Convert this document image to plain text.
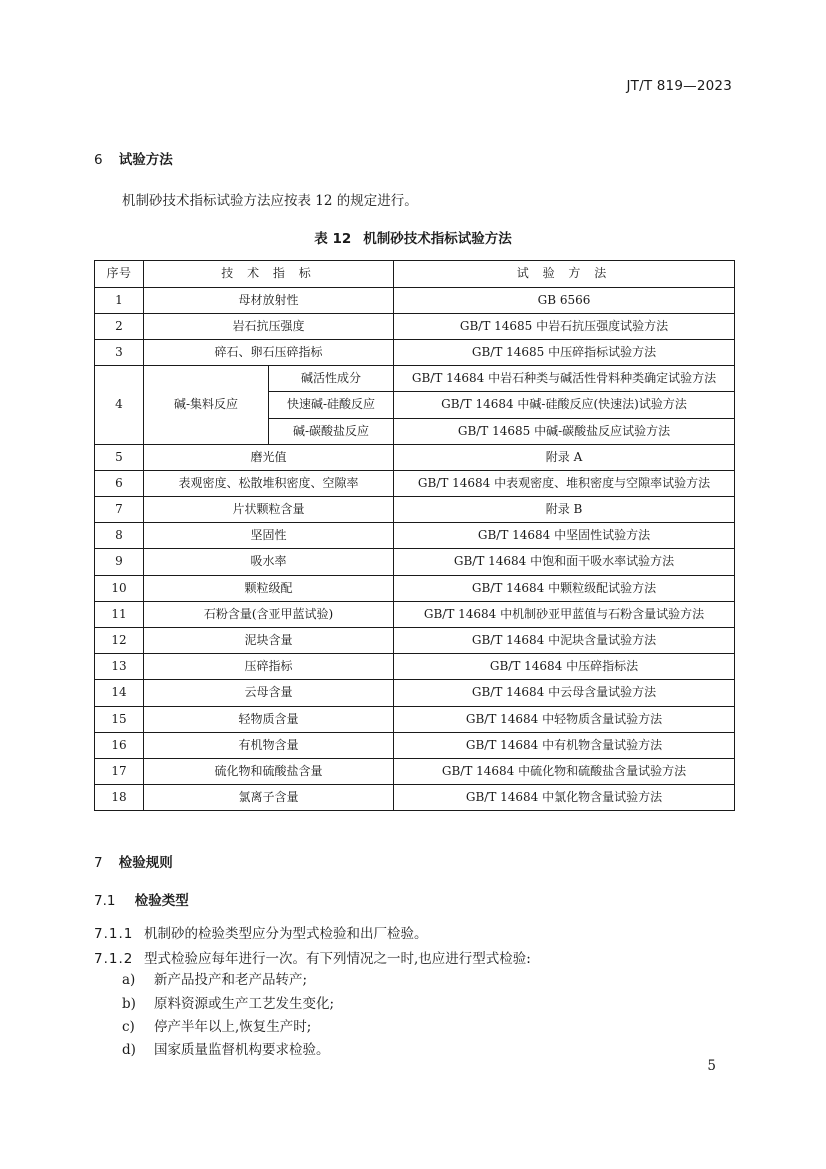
JT/T 819—2023
6 试验方法
机制砂技术指标试验方法应按表 12 的规定进行。
表 12 机制砂技术指标试验方法
序号	技 术 指 标		试 验 方 法
1	母材放射性		GB 6566
2	岩石抗压强度		GB/T 14685 中岩石抗压强度试验方法
3	碎石、卵石压碎指标		GB/T 14685 中压碎指标试验方法
4	碱-集料反应	碱活性成分	GB/T 14684 中岩石种类与碱活性骨料种类确定试验方法
		快速碱-硅酸反应	GB/T 14684 中碱-硅酸反应(快速法)试验方法
		碱-碳酸盐反应	GB/T 14685 中碱-碳酸盐反应试验方法
5	磨光值		附录 A
6	表观密度、松散堆积密度、空隙率		GB/T 14684 中表观密度、堆积密度与空隙率试验方法
7	片状颗粒含量		附录 B
8	坚固性		GB/T 14684 中坚固性试验方法
9	吸水率		GB/T 14684 中饱和面干吸水率试验方法
10	颗粒级配		GB/T 14684 中颗粒级配试验方法
11	石粉含量(含亚甲蓝试验)		GB/T 14684 中机制砂亚甲蓝值与石粉含量试验方法
12	泥块含量		GB/T 14684 中泥块含量试验方法
13	压碎指标		GB/T 14684 中压碎指标法
14	云母含量		GB/T 14684 中云母含量试验方法
15	轻物质含量		GB/T 14684 中轻物质含量试验方法
16	有机物含量		GB/T 14684 中有机物含量试验方法
17	硫化物和硫酸盐含量		GB/T 14684 中硫化物和硫酸盐含量试验方法
18	氯离子含量		GB/T 14684 中氯化物含量试验方法
7 检验规则
7.1 检验类型
7.1.1 机制砂的检验类型应分为型式检验和出厂检验。
7.1.2 型式检验应每年进行一次。有下列情况之一时,也应进行型式检验:
a) 新产品投产和老产品转产;
b) 原料资源或生产工艺发生变化;
c) 停产半年以上,恢复生产时;
d) 国家质量监督机构要求检验。
5
